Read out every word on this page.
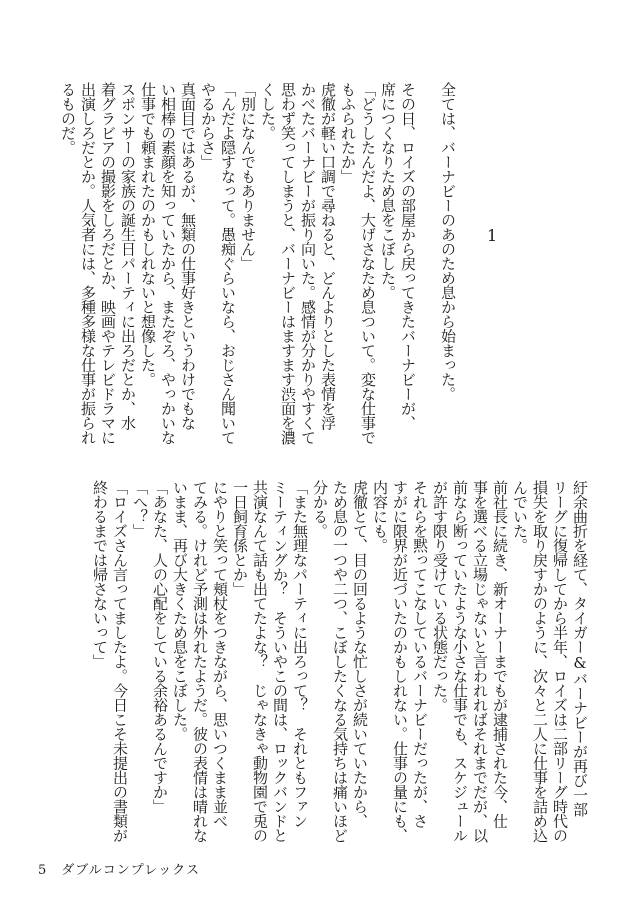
1
全ては、バーナビーのあのため息から始まった。

その日、ロイズの部屋から戻ってきたバーナビーが、
席につくなりため息をこぼした。
「どうしたんだよ、大げさなため息ついて。変な仕事で
もふられたか」
虎徹が軽い口調で尋ねると、どんよりとした表情を浮
かべたバーナビーが振り向いた。感情が分かりやすくて
思わず笑ってしまうと、バーナビーはますます渋面を濃
くした。
「別になんでもありません」
「んだよ隠すなって。愚痴ぐらいなら、おじさん聞いて
やるからさ」
真面目ではあるが、無類の仕事好きというわけでもな
い相棒の素顔を知っていたから、またぞろ、やっかいな
仕事でも頼まれたのかもしれないと想像した。
スポンサーの家族の誕生日パーティに出ろだとか、水
着グラビアの撮影をしろだとか、映画やテレビドラマに
出演しろだとか。人気者には、多種多様な仕事が振られ
るものだ。
紆余曲折を経て、タイガー&バーナビーが再び一部
リーグに復帰してから半年、ロイズは二部リーグ時代の
損失を取り戻すかのように、次々と二人に仕事を詰め込
んでいた。
前社長に続き、新オーナーまでもが逮捕された今、仕
事を選べる立場じゃないと言われればそれまでだが、以
前なら断っていたような小さな仕事でも、スケジュール
が許す限り受けている状態だった。
それらを黙ってこなしているバーナビーだったが、さ
すがに限界が近づいたのかもしれない。仕事の量にも、
内容にも。
虎徹とて、目の回るような忙しさが続いていたから、
ため息の一つや二つ、こぼしたくなる気持ちは痛いほど
分かる。
「また無理なパーティに出ろって？　それともファン
ミーティングか？　そういやこの間は、ロックバンドと
共演なんて話も出てたよな？　じゃなきゃ動物園で兎の
一日飼育係とか」
にやりと笑って頬杖をつきながら、思いつくまま並べ
てみる。けれど予測は外れたようだ。彼の表情は晴れな
いまま、再び大きくため息をこぼした。
「あなた、人の心配をしている余裕あるんですか」
「へ？」
「ロイズさん言ってましたよ。今日こそ未提出の書類が
終わるまでは帰さないって」
5 ダブルコンプレックス
